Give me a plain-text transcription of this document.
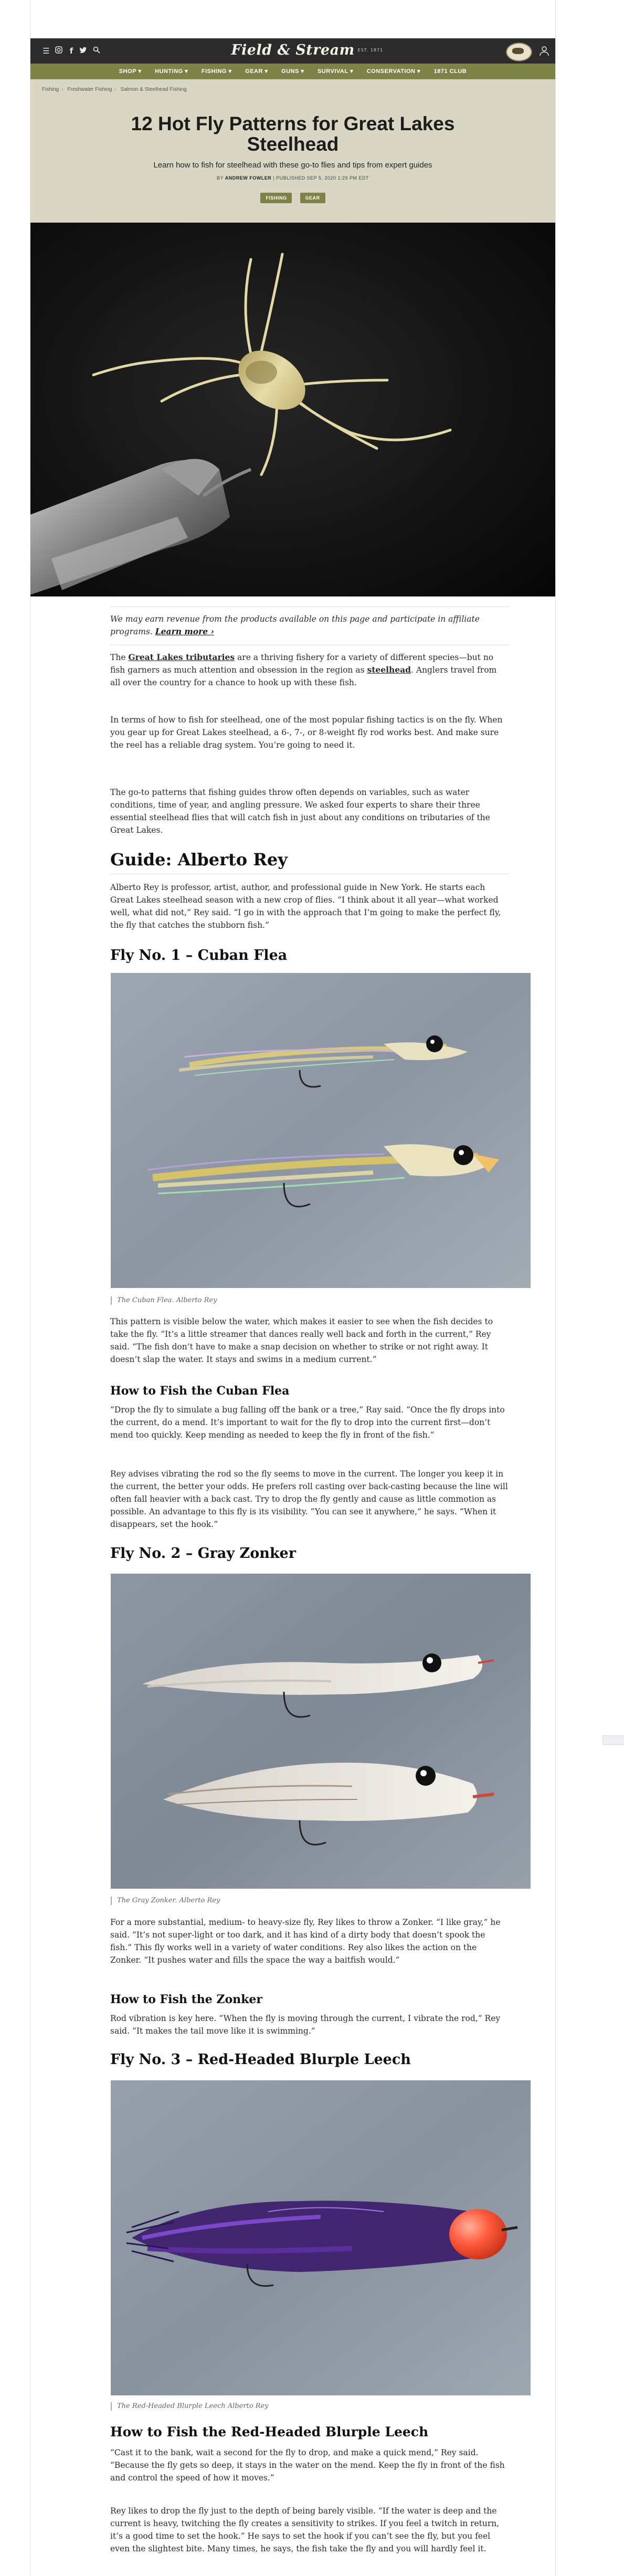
☰	f	Field & Stream EST. 1871
SHOP ▾ HUNTING ▾ FISHING ▾ GEAR ▾ GUNS ▾ SURVIVAL ▾ CONSERVATION ▾ 1871 CLUB
Fishing › Freshwater Fishing › Salmon & Steelhead Fishing
12 Hot Fly Patterns for Great Lakes Steelhead
Learn how to fish for steelhead with these go-to flies and tips from expert guides
BY ANDREW FOWLER | PUBLISHED SEP 5, 2020 1:29 PM EDT
FISHING	GEAR

We may earn revenue from the products available on this page and participate in affiliate programs. Learn more ›

The Great Lakes tributaries are a thriving fishery for a variety of different species—but no fish garners as much attention and obsession in the region as steelhead. Anglers travel from all over the country for a chance to hook up with these fish.

In terms of how to fish for steelhead, one of the most popular fishing tactics is on the fly. When you gear up for Great Lakes steelhead, a 6-, 7-, or 8-weight fly rod works best. And make sure the reel has a reliable drag system. You’re going to need it.

The go-to patterns that fishing guides throw often depends on variables, such as water conditions, time of year, and angling pressure. We asked four experts to share their three essential steelhead flies that will catch fish in just about any conditions on tributaries of the Great Lakes.

Guide: Alberto Rey

Alberto Rey is professor, artist, author, and professional guide in New York. He starts each Great Lakes steelhead season with a new crop of flies. “I think about it all year—what worked well, what did not,” Rey said. “I go in with the approach that I’m going to make the perfect fly, the fly that catches the stubborn fish.”

Fly No. 1 – Cuban Flea
The Cuban Flea. Alberto Rey

This pattern is visible below the water, which makes it easier to see when the fish decides to take the fly. “It’s a little streamer that dances really well back and forth in the current,” Rey said. “The fish don’t have to make a snap decision on whether to strike or not right away. It doesn’t slap the water. It stays and swims in a medium current.”

How to Fish the Cuban Flea

“Drop the fly to simulate a bug falling off the bank or a tree,” Ray said. “Once the fly drops into the current, do a mend. It’s important to wait for the fly to drop into the current first—don’t mend too quickly. Keep mending as needed to keep the fly in front of the fish.”

Rey advises vibrating the rod so the fly seems to move in the current. The longer you keep it in the current, the better your odds. He prefers roll casting over back-casting because the line will often fall heavier with a back cast. Try to drop the fly gently and cause as little commotion as possible. An advantage to this fly is its visibility. “You can see it anywhere,” he says. “When it disappears, set the hook.”

Fly No. 2 – Gray Zonker
The Gray Zonker. Alberto Rey

For a more substantial, medium- to heavy-size fly, Rey likes to throw a Zonker. “I like gray,” he said. “It’s not super-light or too dark, and it has kind of a dirty body that doesn’t spook the fish.” This fly works well in a variety of water conditions. Rey also likes the action on the Zonker. “It pushes water and fills the space the way a baitfish would.”

How to Fish the Zonker

Rod vibration is key here. “When the fly is moving through the current, I vibrate the rod,” Rey said. “It makes the tail move like it is swimming.”

Fly No. 3 – Red-Headed Blurple Leech
The Red-Headed Blurple Leech Alberto Rey
How to Fish the Red-Headed Blurple Leech

“Cast it to the bank, wait a second for the fly to drop, and make a quick mend,” Rey said. “Because the fly gets so deep, it stays in the water on the mend. Keep the fly in front of the fish and control the speed of how it moves.”

Rey likes to drop the fly just to the depth of being barely visible. “If the water is deep and the current is heavy, twitching the fly creates a sensitivity to strikes. If you feel a twitch in return, it’s a good time to set the hook.” He says to set the hook if you can’t see the fly, but you feel even the slightest bite. Many times, he says, the fish take the fly and you will hardly feel it.
